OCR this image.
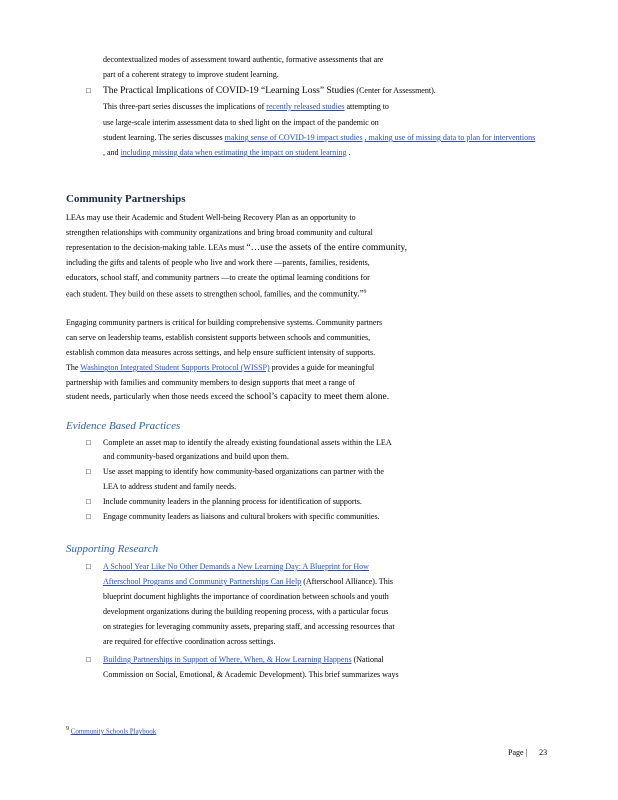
decontextualized modes of assessment toward authentic, formative assessments that are
part of a coherent strategy to improve student learning.
□ The Practical Implications of COVID-19 “Learning Loss” Studies (Center for Assessment).
This three-part series discusses the implications of recently released studies attempting to
use large-scale interim assessment data to shed light on the impact of the pandemic on
student learning. The series discusses making sense of COVID-19 impact studies , making use of missing data to plan for interventions
, and including missing data when estimating the impact on student learning .
Community Partnerships
LEAs may use their Academic and Student Well-being Recovery Plan as an opportunity to
strengthen relationships with community organizations and bring broad community and cultural
representation to the decision-making table. LEAs must “…use the assets of the entire community,
including the gifts and talents of people who live and work there —parents, families, residents,
educators, school staff, and community partners —to create the optimal learning conditions for
each student. They build on these assets to strengthen school, families, and the community.”$^9$
Engaging community partners is critical for building comprehensive systems. Community partners
can serve on leadership teams, establish consistent supports between schools and communities,
establish common data measures across settings, and help ensure sufficient intensity of supports.
The Washington Integrated Student Supports Protocol (WISSP) provides a guide for meaningful
partnership with families and community members to design supports that meet a range of
student needs, particularly when those needs exceed the school’s capacity to meet them alone.
Evidence Based Practices
□ Complete an asset map to identify the already existing foundational assets within the LEA
and community-based organizations and build upon them.
□ Use asset mapping to identify how community-based organizations can partner with the
LEA to address student and family needs.
□ Include community leaders in the planning process for identification of supports.
□ Engage community leaders as liaisons and cultural brokers with specific communities.
Supporting Research
□ A School Year Like No Other Demands a New Learning Day: A Blueprint for How
Afterschool Programs and Community Partnerships Can Help (Afterschool Alliance). This
blueprint document highlights the importance of coordination between schools and youth
development organizations during the building reopening process, with a particular focus
on strategies for leveraging community assets, preparing staff, and accessing resources that
are required for effective coordination across settings.
□ Building Partnerships in Support of Where, When, & How Learning Happens (National
Commission on Social, Emotional, & Academic Development). This brief summarizes ways
$^9$ Community Schools Playbook
Page | 23
